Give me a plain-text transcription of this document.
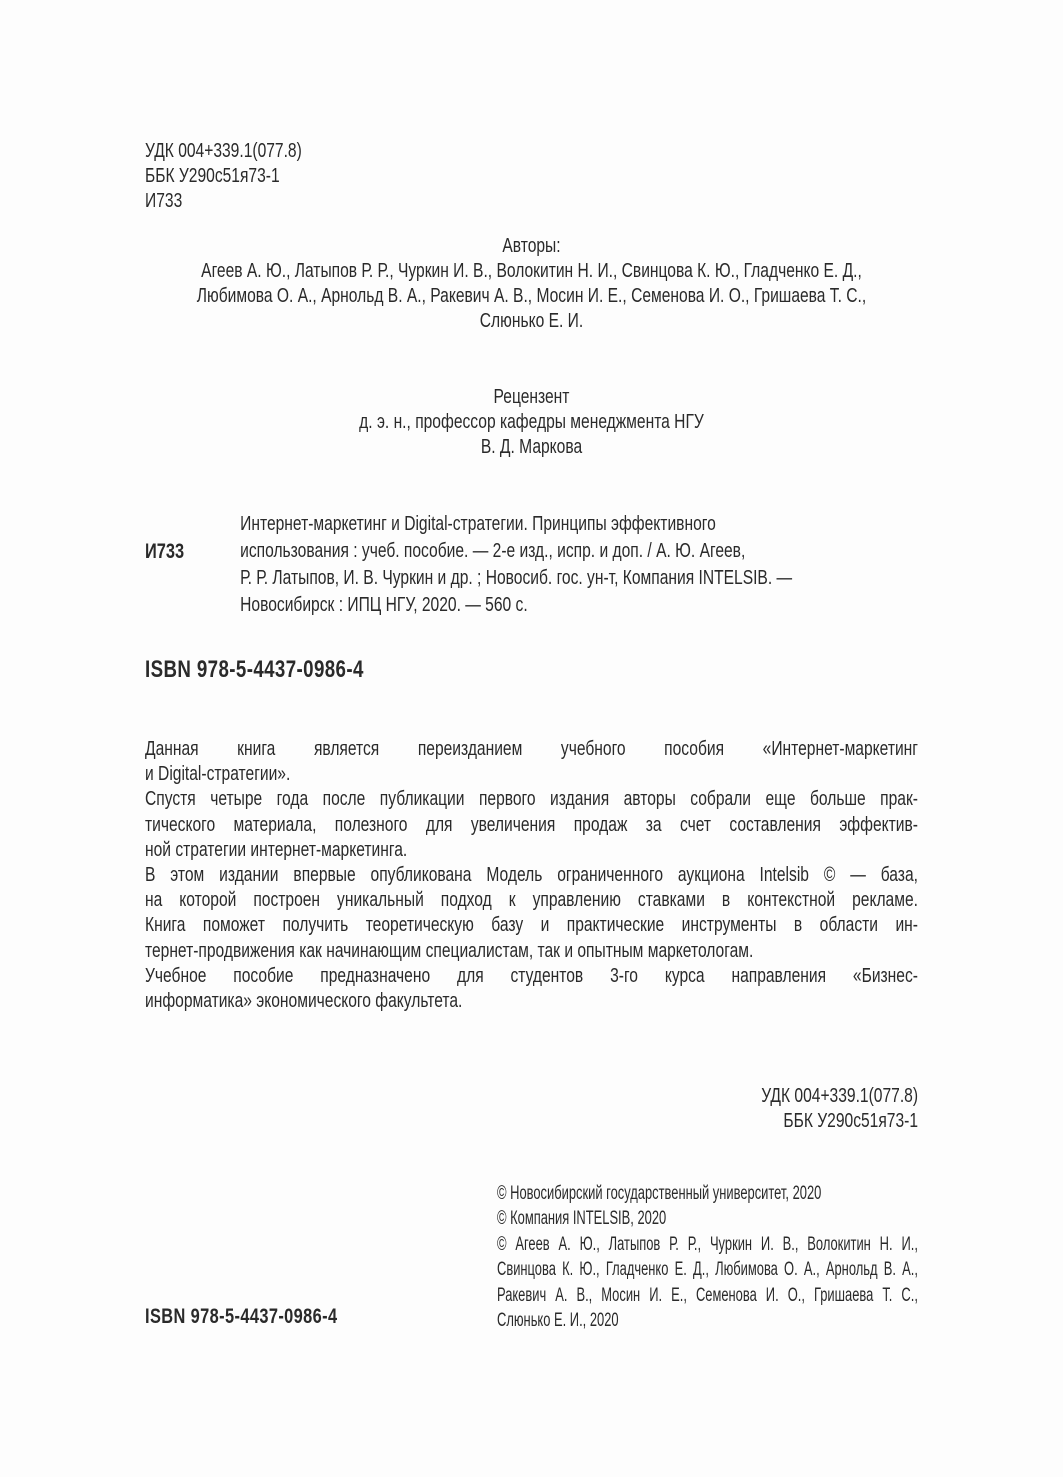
УДК 004+339.1(077.8)
ББК У290с51я73-1
И733
Авторы:
Агеев А. Ю., Латыпов Р. Р., Чуркин И. В., Волокитин Н. И., Свинцова К. Ю., Гладченко Е. Д.,
Любимова О. А., Арнольд В. А., Ракевич А. В., Мосин И. Е., Семенова И. О., Гришаева Т. С.,
Слюнько Е. И.
Рецензент
д. э. н., профессор кафедры менеджмента НГУ
В. Д. Маркова
И733
Интернет-маркетинг и Digital-стратегии. Принципы эффективного
использования : учеб. пособие. — 2-е изд., испр. и доп. / А. Ю. Агеев,
Р. Р. Латыпов, И. В. Чуркин и др. ; Новосиб. гос. ун-т, Компания INTELSIB. —
Новосибирск : ИПЦ НГУ, 2020. — 560 с.
ISBN 978-5-4437-0986-4
Данная книга является переизданием учебного пособия «Интернет-маркетинг
и Digital-стратегии».
Спустя четыре года после публикации первого издания авторы собрали еще больше прак-
тического материала, полезного для увеличения продаж за счет составления эффектив-
ной стратегии интернет-маркетинга.
В этом издании впервые опубликована Модель ограниченного аукциона Intelsib © — база,
на которой построен уникальный подход к управлению ставками в контекстной рекламе.
Книга поможет получить теоретическую базу и практические инструменты в области ин-
тернет-продвижения как начинающим специалистам, так и опытным маркетологам.
Учебное пособие предназначено для студентов 3-го курса направления «Бизнес-
информатика» экономического факультета.
УДК 004+339.1(077.8)
ББК У290с51я73-1
© Новосибирский государственный университет, 2020
© Компания INTELSIB, 2020
© Агеев А. Ю., Латыпов Р. Р., Чуркин И. В., Волокитин Н. И.,
Свинцова К. Ю., Гладченко Е. Д., Любимова О. А., Арнольд В. А.,
Ракевич А. В., Мосин И. Е., Семенова И. О., Гришаева Т. С.,
Слюнько Е. И., 2020
ISBN 978-5-4437-0986-4
